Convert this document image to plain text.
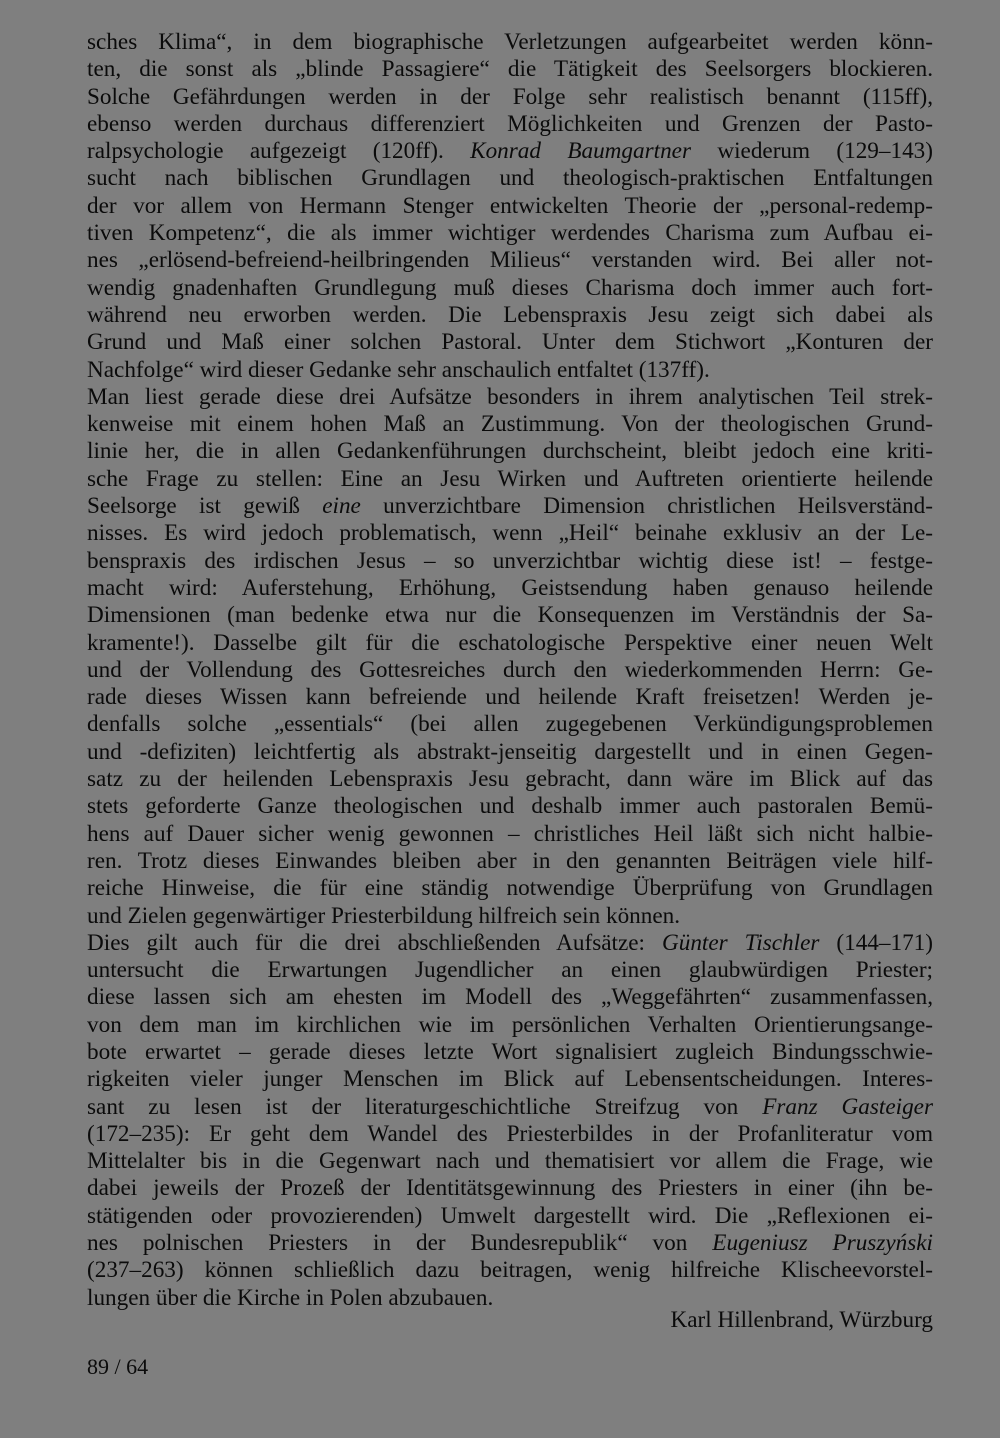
sches Klima“, in dem biographische Verletzungen aufgearbeitet werden könn-
ten, die sonst als „blinde Passagiere“ die Tätigkeit des Seelsorgers blockieren.
Solche Gefährdungen werden in der Folge sehr realistisch benannt (115ff),
ebenso werden durchaus differenziert Möglichkeiten und Grenzen der Pasto-
ralpsychologie aufgezeigt (120ff). Konrad Baumgartner wiederum (129–143)
sucht nach biblischen Grundlagen und theologisch-praktischen Entfaltungen
der vor allem von Hermann Stenger entwickelten Theorie der „personal-redemp-
tiven Kompetenz“, die als immer wichtiger werdendes Charisma zum Aufbau ei-
nes „erlösend-befreiend-heilbringenden Milieus“ verstanden wird. Bei aller not-
wendig gnadenhaften Grundlegung muß dieses Charisma doch immer auch fort-
während neu erworben werden. Die Lebenspraxis Jesu zeigt sich dabei als
Grund und Maß einer solchen Pastoral. Unter dem Stichwort „Konturen der
Nachfolge“ wird dieser Gedanke sehr anschaulich entfaltet (137ff).
Man liest gerade diese drei Aufsätze besonders in ihrem analytischen Teil strek-
kenweise mit einem hohen Maß an Zustimmung. Von der theologischen Grund-
linie her, die in allen Gedankenführungen durchscheint, bleibt jedoch eine kriti-
sche Frage zu stellen: Eine an Jesu Wirken und Auftreten orientierte heilende
Seelsorge ist gewiß eine unverzichtbare Dimension christlichen Heilsverständ-
nisses. Es wird jedoch problematisch, wenn „Heil“ beinahe exklusiv an der Le-
benspraxis des irdischen Jesus – so unverzichtbar wichtig diese ist! – festge-
macht wird: Auferstehung, Erhöhung, Geistsendung haben genauso heilende
Dimensionen (man bedenke etwa nur die Konsequenzen im Verständnis der Sa-
kramente!). Dasselbe gilt für die eschatologische Perspektive einer neuen Welt
und der Vollendung des Gottesreiches durch den wiederkommenden Herrn: Ge-
rade dieses Wissen kann befreiende und heilende Kraft freisetzen! Werden je-
denfalls solche „essentials“ (bei allen zugegebenen Verkündigungsproblemen
und -defiziten) leichtfertig als abstrakt-jenseitig dargestellt und in einen Gegen-
satz zu der heilenden Lebenspraxis Jesu gebracht, dann wäre im Blick auf das
stets geforderte Ganze theologischen und deshalb immer auch pastoralen Bemü-
hens auf Dauer sicher wenig gewonnen – christliches Heil läßt sich nicht halbie-
ren. Trotz dieses Einwandes bleiben aber in den genannten Beiträgen viele hilf-
reiche Hinweise, die für eine ständig notwendige Überprüfung von Grundlagen
und Zielen gegenwärtiger Priesterbildung hilfreich sein können.
Dies gilt auch für die drei abschließenden Aufsätze: Günter Tischler (144–171)
untersucht die Erwartungen Jugendlicher an einen glaubwürdigen Priester;
diese lassen sich am ehesten im Modell des „Weggefährten“ zusammenfassen,
von dem man im kirchlichen wie im persönlichen Verhalten Orientierungsange-
bote erwartet – gerade dieses letzte Wort signalisiert zugleich Bindungsschwie-
rigkeiten vieler junger Menschen im Blick auf Lebensentscheidungen. Interes-
sant zu lesen ist der literaturgeschichtliche Streifzug von Franz Gasteiger
(172–235): Er geht dem Wandel des Priesterbildes in der Profanliteratur vom
Mittelalter bis in die Gegenwart nach und thematisiert vor allem die Frage, wie
dabei jeweils der Prozeß der Identitätsgewinnung des Priesters in einer (ihn be-
stätigenden oder provozierenden) Umwelt dargestellt wird. Die „Reflexionen ei-
nes polnischen Priesters in der Bundesrepublik“ von Eugeniusz Pruszyński
(237–263) können schließlich dazu beitragen, wenig hilfreiche Klischeevorstel-
lungen über die Kirche in Polen abzubauen.
Karl Hillenbrand, Würzburg
89 / 64
